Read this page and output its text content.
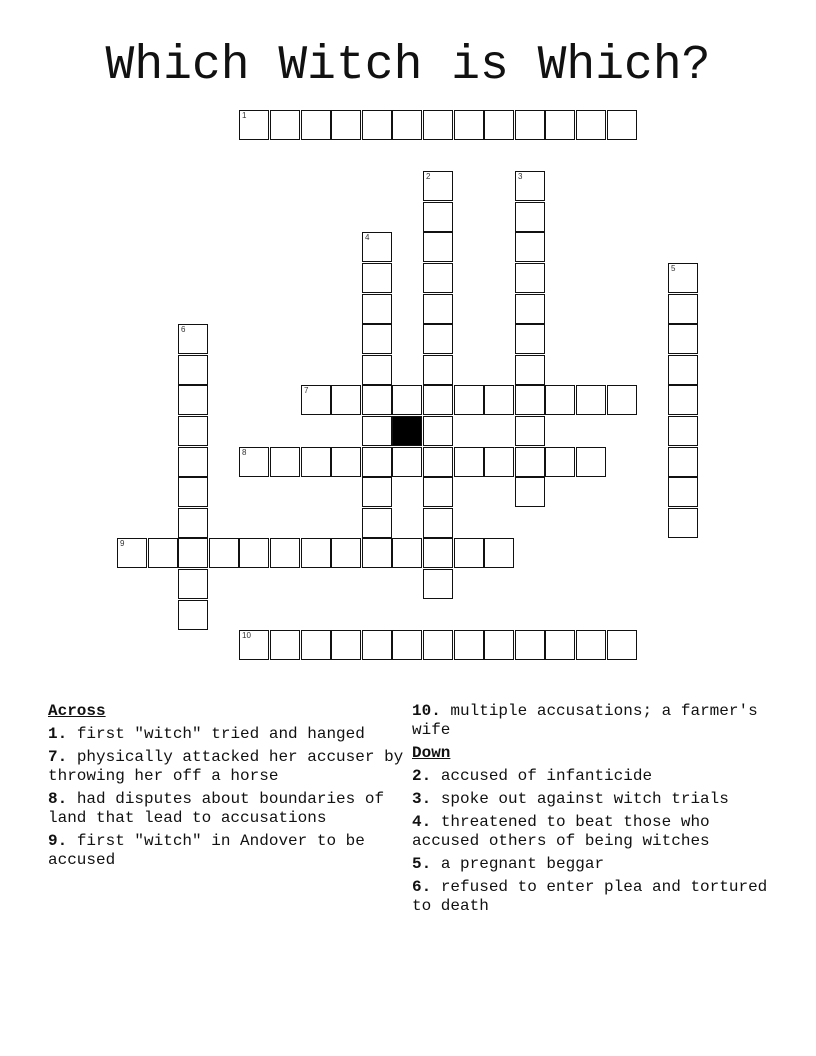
Which Witch is Which?
1
2	3
4
5
6
7
8
9
10
Across
1. first "witch" tried and hanged
7. physically attacked her accuser by throwing her off a horse
8. had disputes about boundaries of land that lead to accusations
9. first "witch" in Andover to be accused
10. multiple accusations; a farmer's wife
Down
2. accused of infanticide
3. spoke out against witch trials
4. threatened to beat those who accused others of being witches
5. a pregnant beggar
6. refused to enter plea and tortured to death
